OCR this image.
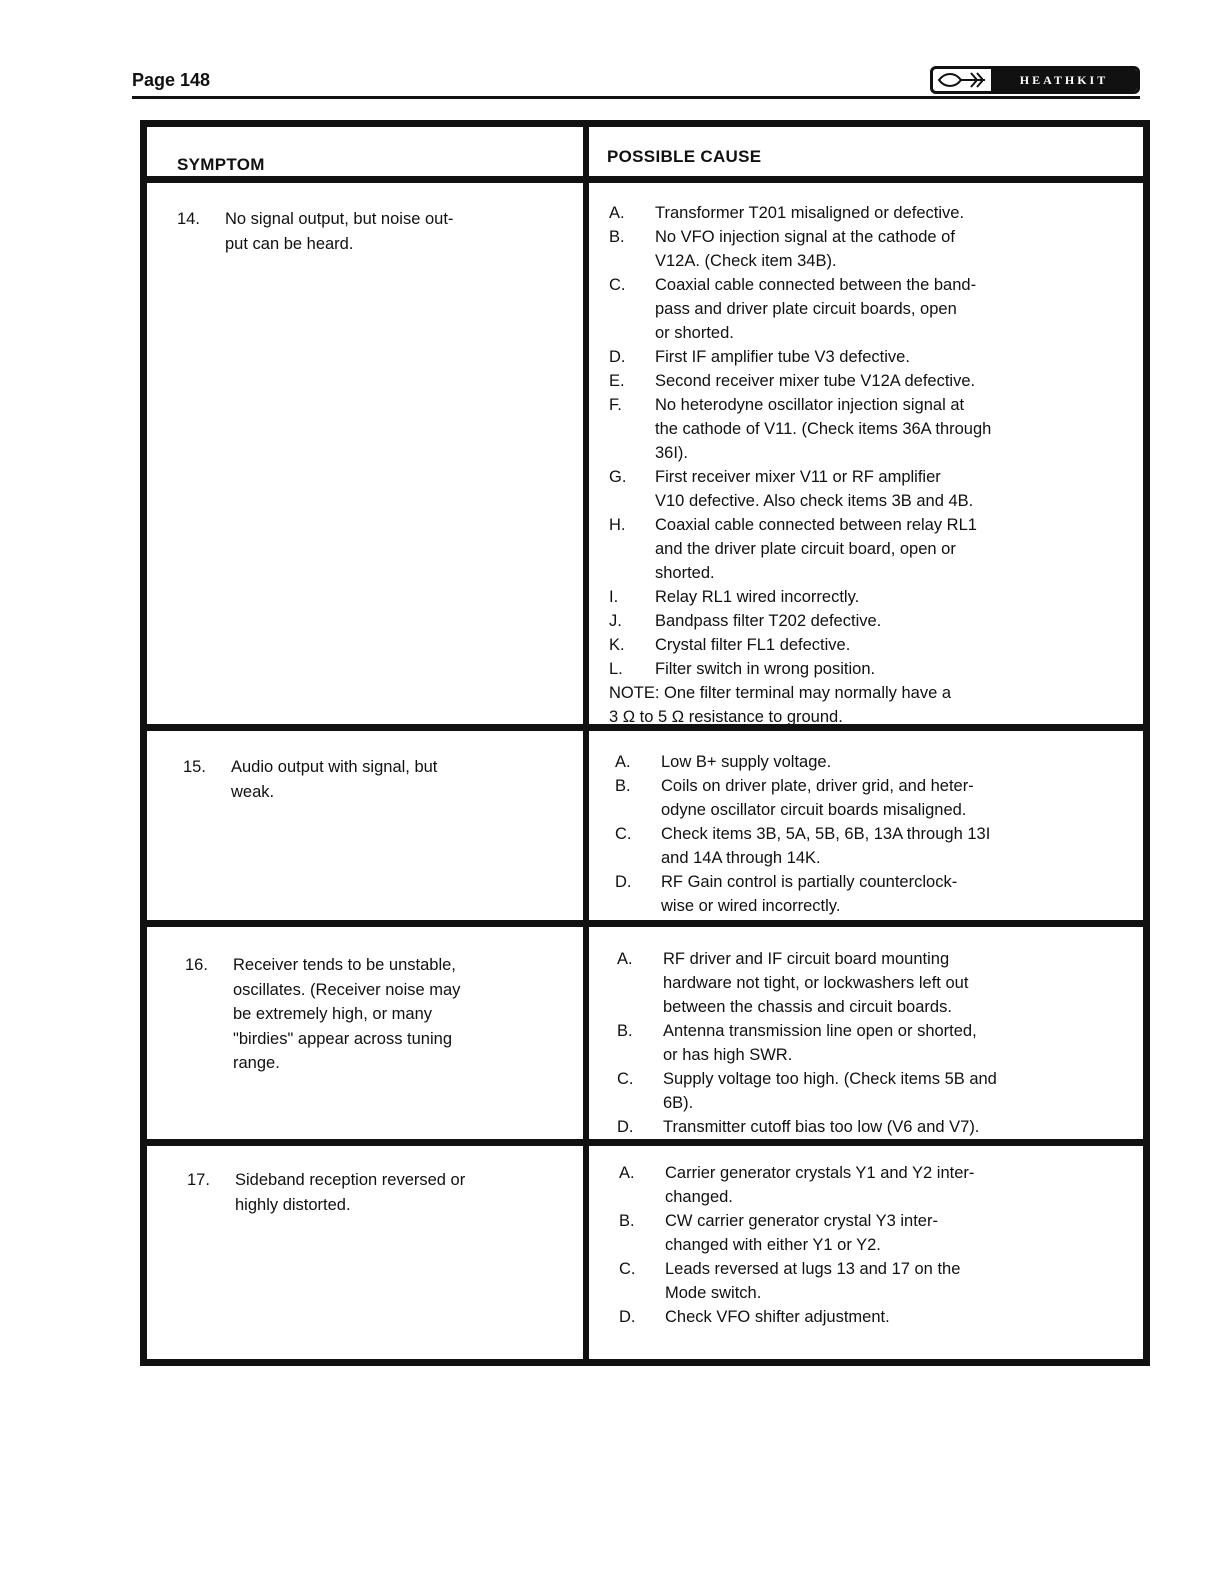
Page 148	HEATHKIT
SYMPTOM	POSSIBLE CAUSE
14. No signal output, but noise out-
put can be heard.
A. Transformer T201 misaligned or defective.
B. No VFO injection signal at the cathode of
V12A. (Check item 34B).
C. Coaxial cable connected between the band-
pass and driver plate circuit boards, open
or shorted.
D. First IF amplifier tube V3 defective.
E. Second receiver mixer tube V12A defective.
F. No heterodyne oscillator injection signal at
the cathode of V11. (Check items 36A through
36I).
G. First receiver mixer V11 or RF amplifier
V10 defective. Also check items 3B and 4B.
H. Coaxial cable connected between relay RL1
and the driver plate circuit board, open or
shorted.
I. Relay RL1 wired incorrectly.
J. Bandpass filter T202 defective.
K. Crystal filter FL1 defective.
L. Filter switch in wrong position.
NOTE: One filter terminal may normally have a
3 Ω to 5 Ω resistance to ground.
15. Audio output with signal, but
weak.
A. Low B+ supply voltage.
B. Coils on driver plate, driver grid, and heter-
odyne oscillator circuit boards misaligned.
C. Check items 3B, 5A, 5B, 6B, 13A through 13I
and 14A through 14K.
D. RF Gain control is partially counterclock-
wise or wired incorrectly.
16. Receiver tends to be unstable,
oscillates. (Receiver noise may
be extremely high, or many
"birdies" appear across tuning
range.
A. RF driver and IF circuit board mounting
hardware not tight, or lockwashers left out
between the chassis and circuit boards.
B. Antenna transmission line open or shorted,
or has high SWR.
C. Supply voltage too high. (Check items 5B and
6B).
D. Transmitter cutoff bias too low (V6 and V7).
17. Sideband reception reversed or
highly distorted.
A. Carrier generator crystals Y1 and Y2 inter-
changed.
B. CW carrier generator crystal Y3 inter-
changed with either Y1 or Y2.
C. Leads reversed at lugs 13 and 17 on the
Mode switch.
D. Check VFO shifter adjustment.
